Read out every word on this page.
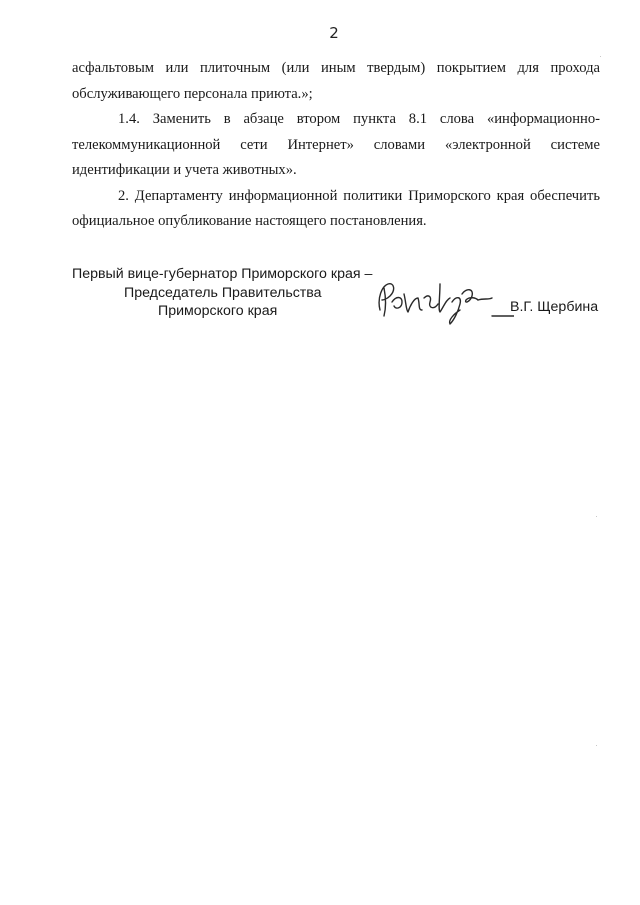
2

асфальтовым или плиточным (или иным твердым) покрытием для прохода обслуживающего персонала приюта.»;

1.4. Заменить в абзаце втором пункта 8.1 слова «информационно-телекоммуникационной сети Интернет» словами «электронной системе идентификации и учета животных».

2. Департаменту информационной политики Приморского края обеспечить официальное опубликование настоящего постановления.

Первый вице-губернатор Приморского края –
Председатель Правительства
Приморского края	В.Г. Щербина
